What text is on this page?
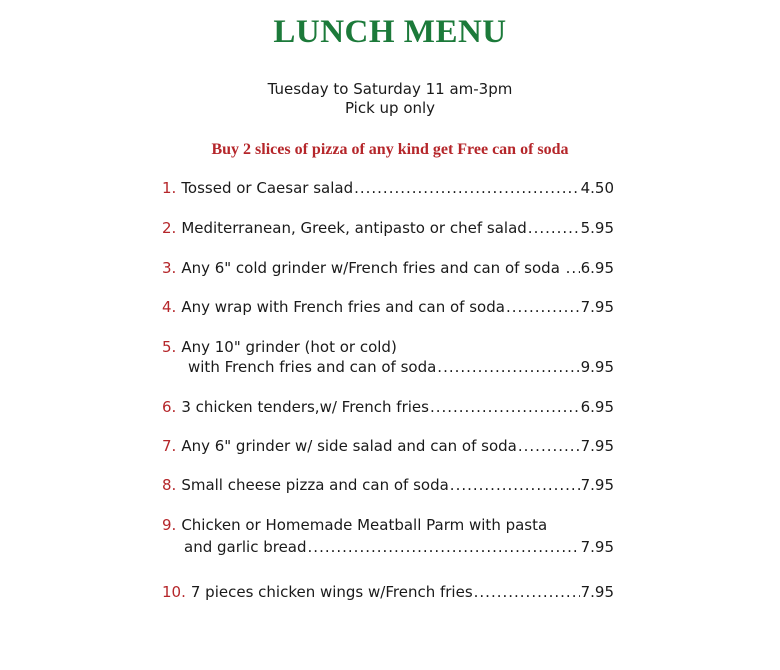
LUNCH MENU
Tuesday to Saturday 11 am-3pm
Pick up only
Buy 2 slices of pizza of any kind get Free can of soda
1. Tossed or Caesar salad .....	4.50
2. Mediterranean, Greek, antipasto or chef salad .....	5.95
3. Any 6" cold grinder w/French fries and can of soda ..... 6.95
4. Any wrap with French fries and can of soda .....	7.95
5. Any 10" grinder (hot or cold)
with French fries and can of soda .....	9.95
6. 3 chicken tenders,w/ French fries .....	6.95
7. Any 6" grinder w/ side salad and can of soda .....	7.95
8. Small cheese pizza and can of soda .....	7.95
9. Chicken or Homemade Meatball Parm with pasta
and garlic bread .....	7.95
10. 7 pieces chicken wings w/French fries .....	7.95
